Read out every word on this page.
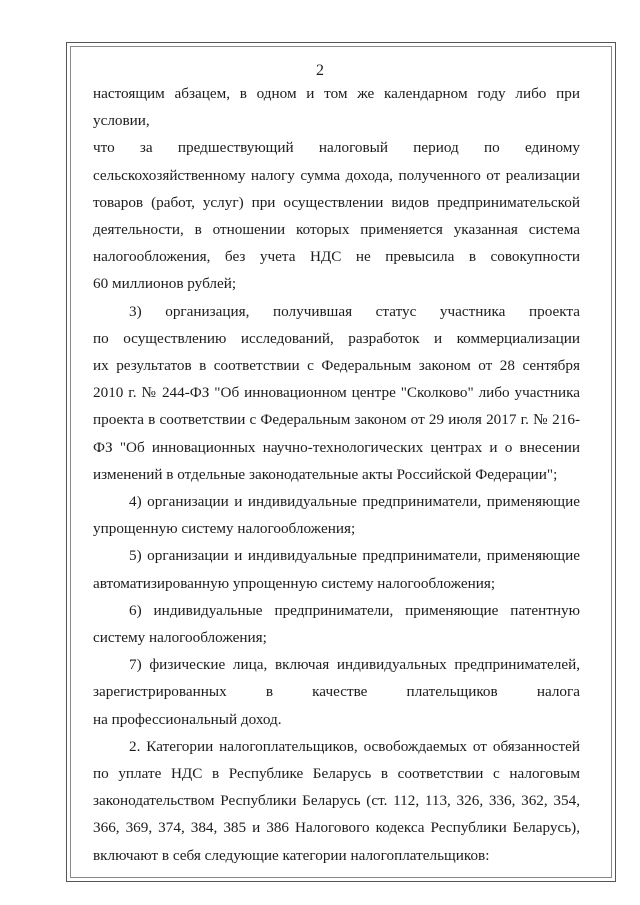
2

настоящим абзацем, в одном и том же календарном году либо при условии,
что за предшествующий налоговый период по единому
сельскохозяйственному налогу сумма дохода, полученного от реализации
товаров (работ, услуг) при осуществлении видов предпринимательской
деятельности, в отношении которых применяется указанная система
налогообложения, без учета НДС не превысила в совокупности
60 миллионов рублей;

3) организация, получившая статус участника проекта
по осуществлению исследований, разработок и коммерциализации
их результатов в соответствии с Федеральным законом от 28 сентября
2010 г. № 244-ФЗ "Об инновационном центре "Сколково" либо участника
проекта в соответствии с Федеральным законом от 29 июля 2017 г. № 216-
ФЗ "Об инновационных научно-технологических центрах и о внесении
изменений в отдельные законодательные акты Российской Федерации";

4) организации и индивидуальные предприниматели, применяющие
упрощенную систему налогообложения;

5) организации и индивидуальные предприниматели, применяющие
автоматизированную упрощенную систему налогообложения;

6) индивидуальные предприниматели, применяющие патентную
систему налогообложения;

7) физические лица, включая индивидуальных предпринимателей,
зарегистрированных в качестве плательщиков налога
на профессиональный доход.

2. Категории налогоплательщиков, освобождаемых от обязанностей
по уплате НДС в Республике Беларусь в соответствии с налоговым
законодательством Республики Беларусь (ст. 112, 113, 326, 336, 362, 354,
366, 369, 374, 384, 385 и 386 Налогового кодекса Республики Беларусь),
включают в себя следующие категории налогоплательщиков:
